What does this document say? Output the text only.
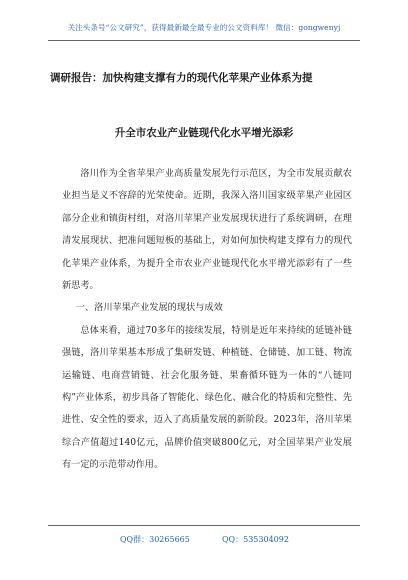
关注头条号“公文研究”，获得最新最全最专业的公文资料库！ 微信：gongwenyj
调研报告：加快构建支撑有力的现代化苹果产业体系为提
升全市农业产业链现代化水平增光添彩

洛川作为全省苹果产业高质量发展先行示范区，为全市发展贡献农业担当是义不容辞的光荣使命。近期，我深入洛川国家级苹果产业园区部分企业和镇街村组，对洛川苹果产业发展现状进行了系统调研，在理清发展现状、把准问题短板的基础上，对如何加快构建支撑有力的现代化苹果产业体系，为提升全市农业产业链现代化水平增光添彩有了一些新思考。

一、洛川苹果产业发展的现状与成效

总体来看，通过70多年的接续发展，特别是近年来持续的延链补链强链，洛川苹果基本形成了集研发链、种植链、仓储链、加工链、物流运输链、电商营销链、社会化服务链、果畜循环链为一体的“八链同构”产业体系，初步具备了智能化、绿色化、融合化的特质和完整性、先进性、安全性的要求，迈入了高质量发展的新阶段。2023年，洛川苹果综合产值超过140亿元，品牌价值突破800亿元，对全国苹果产业发展有一定的示范带动作用。

QQ群：30265665	QQ：535304092
